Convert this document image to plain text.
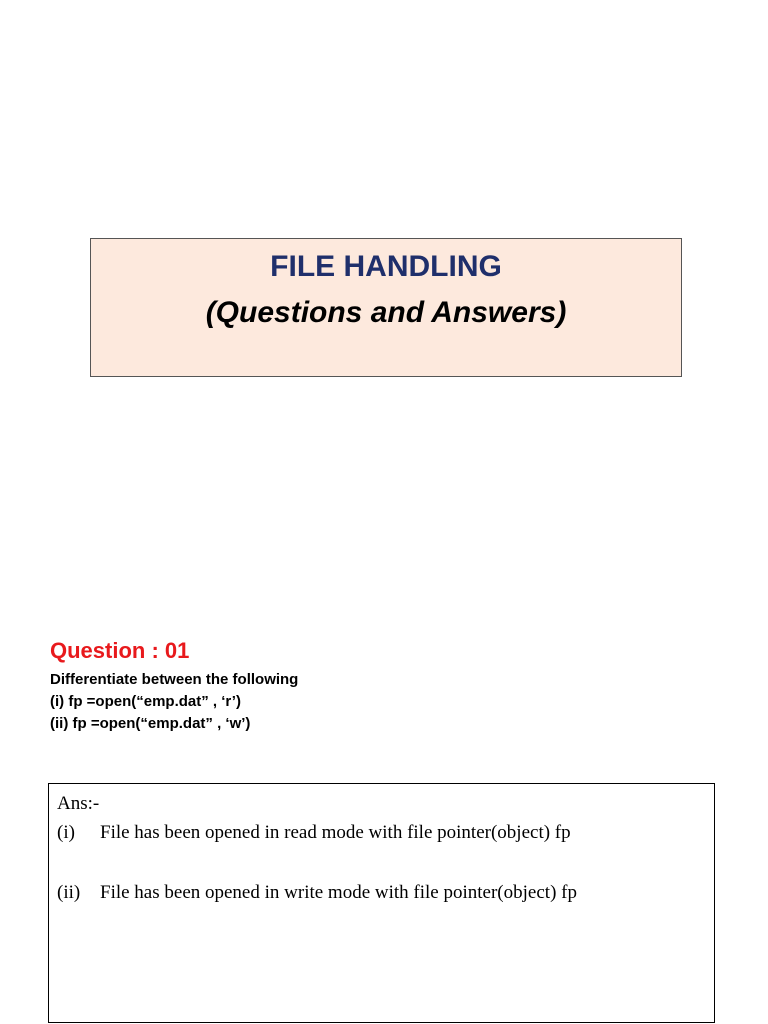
FILE HANDLING
(Questions and Answers)
Question : 01
Differentiate between the following
(i) fp =open(“emp.dat” , ‘r’)
(ii) fp =open(“emp.dat” , ‘w’)
Ans:-
(i) File has been opened in read mode with file pointer(object) fp
(ii) File has been opened in write mode with file pointer(object) fp
